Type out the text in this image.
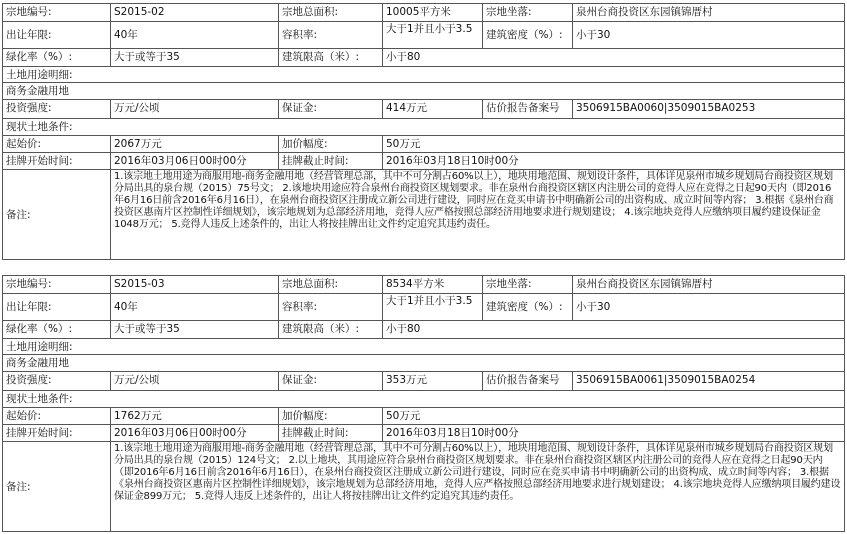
宗地编号:	S2015-02	宗地总面积:	10005平方米	宗地坐落:	泉州台商投资区东园镇锦厝村
出让年限:	40年	容积率:	大于1并且小于3.5	建筑密度（%）:	小于30
绿化率（%）:	大于或等于35	建筑限高（米）:	小于80
土地用途明细:
商务金融用地
投资强度:	万元/公顷	保证金:	414万元	估价报告备案号	3506915BA0060|3509015BA0253
现状土地条件:
起始价:	2067万元	加价幅度:	50万元
挂牌开始时间:	2016年03月06日00时00分	挂牌截止时间:	2016年03月18日10时00分
备注:
1.该宗地土地用途为商服用地-商务金融用地（经营管理总部，其中不可分割占60%以上），地块用地范围、规划设计条件，具体详见泉州市城乡规划局台商投资区规划分局出具的泉台规（2015）75号文； 2.该地块用途应符合泉州台商投资区规划要求。非在泉州台商投资区辖区内注册公司的竞得人应在竞得之日起90天内（即2016年6月16日前含2016年6月16日），在泉州台商投资区注册成立新公司进行建设，同时应在竞买申请书中明确新公司的出资构成、成立时间等内容； 3.根据《泉州台商投资区惠南片区控制性详细规划》，该宗地规划为总部经济用地，竞得人应严格按照总部经济用地要求进行规划建设； 4.该宗地块竞得人应缴纳项目履约建设保证金1048万元； 5.竞得人违反上述条件的，出让人将按挂牌出让文件约定追究其违约责任。
宗地编号:	S2015-03	宗地总面积:	8534平方米	宗地坐落:	泉州台商投资区东园镇锦厝村
出让年限:	40年	容积率:	大于1并且小于3.5	建筑密度（%）:	小于30
绿化率（%）:	大于或等于35	建筑限高（米）:	小于80
土地用途明细:
商务金融用地
投资强度:	万元/公顷	保证金:	353万元	估价报告备案号	3506915BA0061|3509015BA0254
现状土地条件:
起始价:	1762万元	加价幅度:	50万元
挂牌开始时间:	2016年03月06日00时00分	挂牌截止时间:	2016年03月18日10时00分
备注:
1.该宗地土地用途为商服用地-商务金融用地（经营管理总部，其中不可分割占60%以上），地块用地范围、规划设计条件，具体详见泉州市城乡规划局台商投资区规划分局出具的泉台规（2015）124号文； 2.以上地块，其用途应符合泉州台商投资区规划要求。非在泉州台商投资区辖区内注册公司的竞得人应在竞得之日起90天内（即2016年6月16日前含2016年6月16日），在泉州台商投资区注册成立新公司进行建设，同时应在竞买申请书中明确新公司的出资构成、成立时间等内容； 3.根据《泉州台商投资区惠南片区控制性详细规划》，该宗地规划为总部经济用地，竞得人应严格按照总部经济用地要求进行规划建设； 4.该宗地块竞得人应缴纳项目履约建设保证金899万元； 5.竞得人违反上述条件的，出让人将按挂牌出让文件约定追究其违约责任。
